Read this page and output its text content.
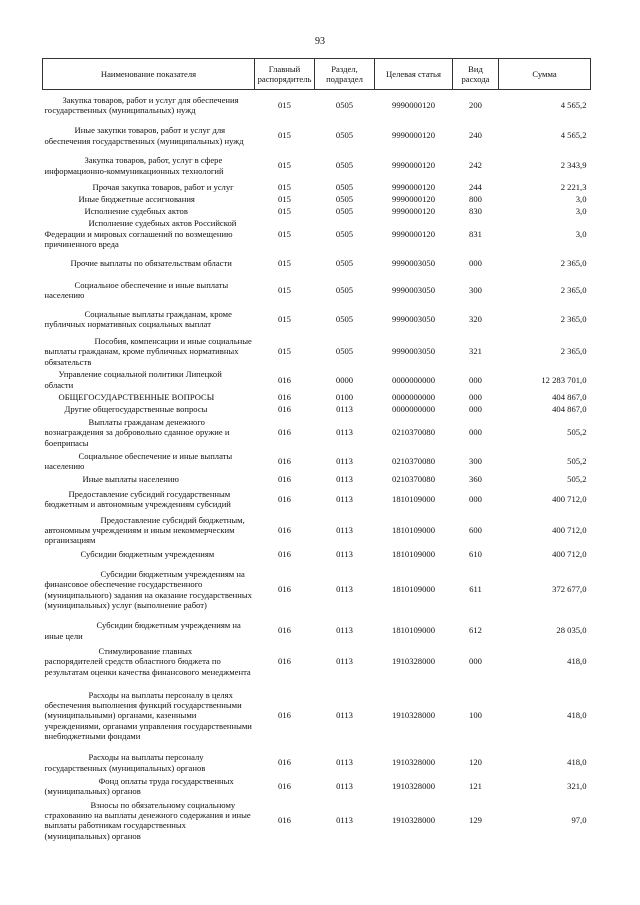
93
Наименование показателя	Главный распорядитель	Раздел, подраздел	Целевая статья	Вид расхода	Сумма
Закупка товаров, работ и услуг для обеспечения государственных (муниципальных) нужд	015	0505	9990000120	200	4 565,2
Иные закупки товаров, работ и услуг для обеспечения государственных (муниципальных) нужд	015	0505	9990000120	240	4 565,2
Закупка товаров, работ, услуг в сфере информационно-коммуникационных технологий	015	0505	9990000120	242	2 343,9
Прочая закупка товаров, работ и услуг	015	0505	9990000120	244	2 221,3
Иные бюджетные ассигнования	015	0505	9990000120	800	3,0
Исполнение судебных актов	015	0505	9990000120	830	3,0
Исполнение судебных актов Российской Федерации и мировых соглашений по возмещению причиненного вреда	015	0505	9990000120	831	3,0
Прочие выплаты по обязательствам области	015	0505	9990003050	000	2 365,0
Социальное обеспечение и иные выплаты населению	015	0505	9990003050	300	2 365,0
Социальные выплаты гражданам, кроме публичных нормативных социальных выплат	015	0505	9990003050	320	2 365,0
Пособия, компенсации и иные социальные выплаты гражданам, кроме публичных нормативных обязательств	015	0505	9990003050	321	2 365,0
Управление социальной политики Липецкой области	016	0000	0000000000	000	12 283 701,0
ОБЩЕГОСУДАРСТВЕННЫЕ ВОПРОСЫ	016	0100	0000000000	000	404 867,0
Другие общегосударственные вопросы	016	0113	0000000000	000	404 867,0
Выплаты гражданам денежного вознаграждения за добровольно сданное оружие и боеприпасы	016	0113	0210370080	000	505,2
Социальное обеспечение и иные выплаты населению	016	0113	0210370080	300	505,2
Иные выплаты населению	016	0113	0210370080	360	505,2
Предоставление субсидий государственным бюджетным и автономным учреждениям субсидий	016	0113	1810109000	000	400 712,0
Предоставление субсидий бюджетным, автономным учреждениям и иным некоммерческим организациям	016	0113	1810109000	600	400 712,0
Субсидии бюджетным учреждениям	016	0113	1810109000	610	400 712,0
Субсидии бюджетным учреждениям на финансовое обеспечение государственного (муниципального) задания на оказание государственных (муниципальных) услуг (выполнение работ)	016	0113	1810109000	611	372 677,0
Субсидии бюджетным учреждениям на иные цели	016	0113	1810109000	612	28 035,0
Стимулирование главных распорядителей средств областного бюджета по результатам оценки качества финансового менеджмента	016	0113	1910328000	000	418,0
Расходы на выплаты персоналу в целях обеспечения выполнения функций государственными (муниципальными) органами, казенными учреждениями, органами управления государственными внебюджетными фондами	016	0113	1910328000	100	418,0
Расходы на выплаты персоналу государственных (муниципальных) органов	016	0113	1910328000	120	418,0
Фонд оплаты труда государственных (муниципальных) органов	016	0113	1910328000	121	321,0
Взносы по обязательному социальному страхованию на выплаты денежного содержания и иные выплаты работникам государственных (муниципальных) органов	016	0113	1910328000	129	97,0
